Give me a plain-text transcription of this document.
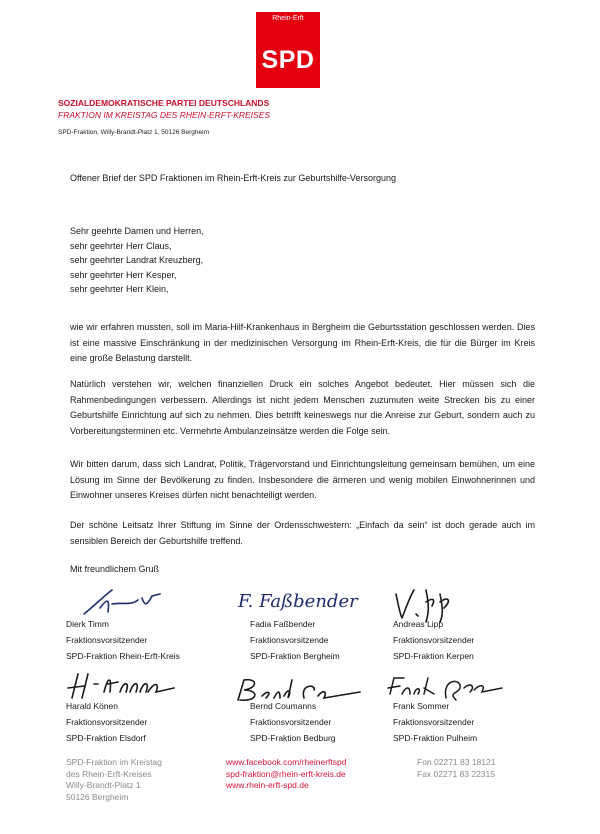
Rhein-Erft
SPD
SOZIALDEMOKRATISCHE PARTEI DEUTSCHLANDS
FRAKTION IM KREISTAG DES RHEIN-ERFT-KREISES
SPD-Fraktion, Willy-Brandt-Platz 1, 50126 Bergheim
Offener Brief der SPD Fraktionen im Rhein-Erft-Kreis zur Geburtshilfe-Versorgung
Sehr geehrte Damen und Herren,
sehr geehrter Herr Claus,
sehr geehrter Landrat Kreuzberg,
sehr geehrter Herr Kesper,
sehr geehrter Herr Klein,
wie wir erfahren mussten, soll im Maria-Hilf-Krankenhaus in Bergheim die Geburtsstation geschlossen werden. Dies ist eine massive Einschränkung in der medizinischen Versorgung im Rhein-Erft-Kreis, die für die Bürger im Kreis eine große Belastung darstellt.
Natürlich verstehen wir, welchen finanziellen Druck ein solches Angebot bedeutet. Hier müssen sich die Rahmenbedingungen verbessern. Allerdings ist nicht jedem Menschen zuzumuten weite Strecken bis zu einer Geburtshilfe Einrichtung auf sich zu nehmen. Dies betrifft keineswegs nur die Anreise zur Geburt, sondern auch zu Vorbereitungsterminen etc. Vermehrte Ambulanzeinsätze werden die Folge sein.
Wir bitten darum, dass sich Landrat, Politik, Trägervorstand und Einrichtungsleitung gemeinsam bemühen, um eine Lösung im Sinne der Bevölkerung zu finden. Insbesondere die ärmeren und wenig mobilen Einwohnerinnen und Einwohner unseres Kreises dürfen nicht benachteiligt werden.
Der schöne Leitsatz Ihrer Stiftung im Sinne der Ordensschwestern: „Einfach da sein“ ist doch gerade auch im sensiblen Bereich der Geburtshilfe treffend.
Mit freundlichem Gruß
F. Faßbender
Dierk Timm
Fraktionsvorsitzender
SPD-Fraktion Rhein-Erft-Kreis
Fadia Faßbender
Fraktionsvorsitzende
SPD-Fraktion Bergheim
Andreas Lipp
Fraktionsvorsitzender
SPD-Fraktion Kerpen
Harald Könen
Fraktionsvorsitzender
SPD-Fraktion Elsdorf
Bernd Coumanns
Fraktionsvorsitzender
SPD-Fraktion Bedburg
Frank Sommer
Fraktionsvorsitzender
SPD-Fraktion Pulheim
SPD-Fraktion im Kreistag
des Rhein-Erft-Kreises
Willy-Brandt-Platz 1
50126 Bergheim
www.facebook.com/rheinerftspd
spd-fraktion@rhein-erft-kreis.de
www.rhein-erft-spd.de
Fon 02271 83 18121
Fax 02271 83 22315
